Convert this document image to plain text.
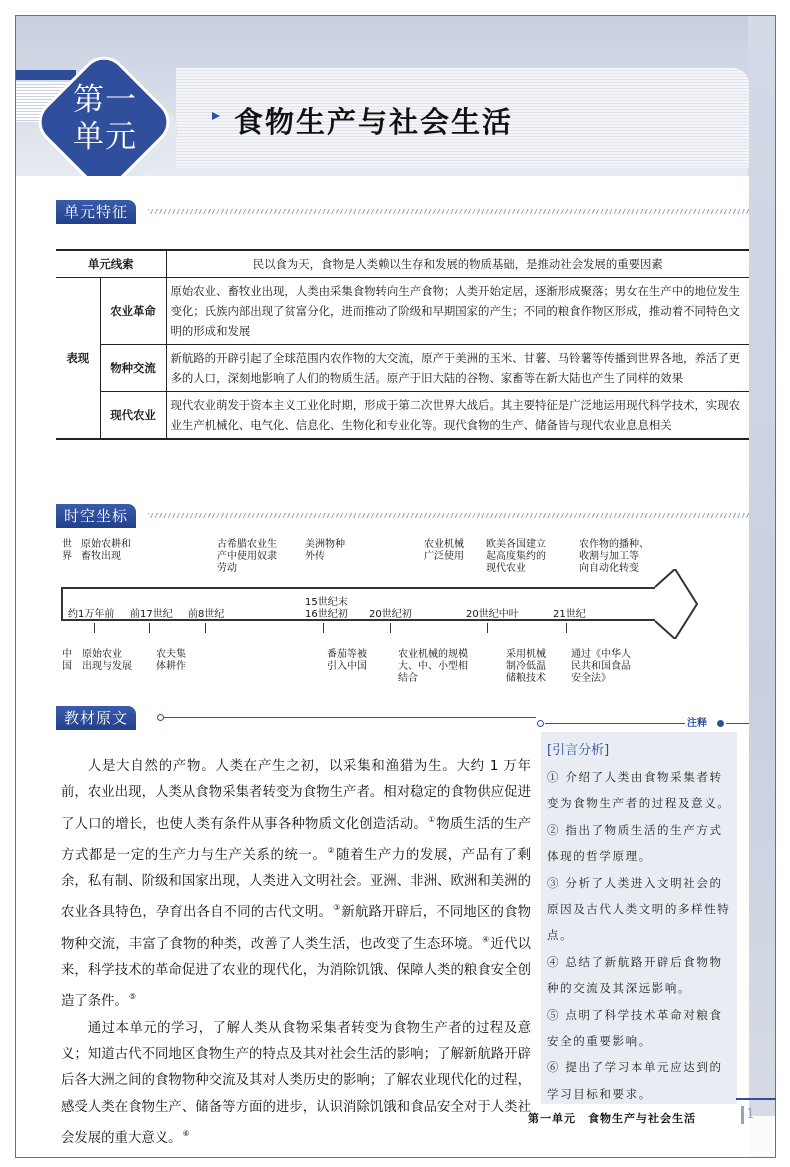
第一
单元	食物生产与社会生活
单元特征
单元线索		民以食为天，食物是人类赖以生存和发展的物质基础，是推动社会发展的重要因素
表现	农业革命	原始农业、畜牧业出现，人类由采集食物转向生产食物；人类开始定居，逐渐形成聚落；男女在生产中的地位发生变化；氏族内部出现了贫富分化，进而推动了阶级和早期国家的产生；不同的粮食作物区形成，推动着不同特色文明的形成和发展
	物种交流	新航路的开辟引起了全球范围内农作物的大交流，原产于美洲的玉米、甘薯、马铃薯等传播到世界各地，养活了更多的人口，深刻地影响了人们的物质生活。原产于旧大陆的谷物、家畜等在新大陆也产生了同样的效果
	现代农业	现代农业萌发于资本主义工业化时期，形成于第二次世界大战后。其主要特征是广泛地运用现代科学技术，实现农业生产机械化、电气化、信息化、生物化和专业化等。现代食物的生产、储备皆与现代农业息息相关
时空坐标
世
界
原始农耕和
畜牧出现
古希腊农业生
产中使用奴隶
劳动
美洲物种
外传
农业机械
广泛使用
欧美各国建立
起高度集约的
现代农业
农作物的播种、
收割与加工等
向自动化转变
约1万年前 前17世纪 前8世纪
15世纪末
16世纪初 20世纪初	20世纪中叶	21世纪
中
国
原始农业
出现与发展
农夫集
体耕作
番茄等被
引入中国
农业机械的规模
大、中、小型相
结合
采用机械
制冷低温
储粮技术
通过《中华人
民共和国食品
安全法》
教材原文

人是大自然的产物。人类在产生之初，以采集和渔猎为生。大约 1 万年前，农业出现，人类从食物采集者转变为食物生产者。相对稳定的食物供应促进了人口的增长，也使人类有条件从事各种物质文化创造活动。①物质生活的生产方式都是一定的生产力与生产关系的统一。②随着生产力的发展，产品有了剩余，私有制、阶级和国家出现，人类进入文明社会。亚洲、非洲、欧洲和美洲的农业各具特色，孕育出各自不同的古代文明。③新航路开辟后，不同地区的食物物种交流，丰富了食物的种类，改善了人类生活，也改变了生态环境。④近代以来，科学技术的革命促进了农业的现代化，为消除饥饿、保障人类的粮食安全创造了条件。⑤

通过本单元的学习，了解人类从食物采集者转变为食物生产者的过程及意义；知道古代不同地区食物生产的特点及其对社会生活的影响；了解新航路开辟后各大洲之间的食物物种交流及其对人类历史的影响；了解农业现代化的过程，感受人类在食物生产、储备等方面的进步，认识消除饥饿和食品安全对于人类社会发展的重大意义。⑥

注释
[引言分析]
① 介绍了人类由食物采集者转变为食物生产者的过程及意义。
② 指出了物质生活的生产方式体现的哲学原理。
③ 分析了人类进入文明社会的原因及古代人类文明的多样性特点。
④ 总结了新航路开辟后食物物种的交流及其深远影响。
⑤ 点明了科学技术革命对粮食安全的重要影响。
⑥ 提出了学习本单元应达到的学习目标和要求。
第一单元　食物生产与社会生活	1
